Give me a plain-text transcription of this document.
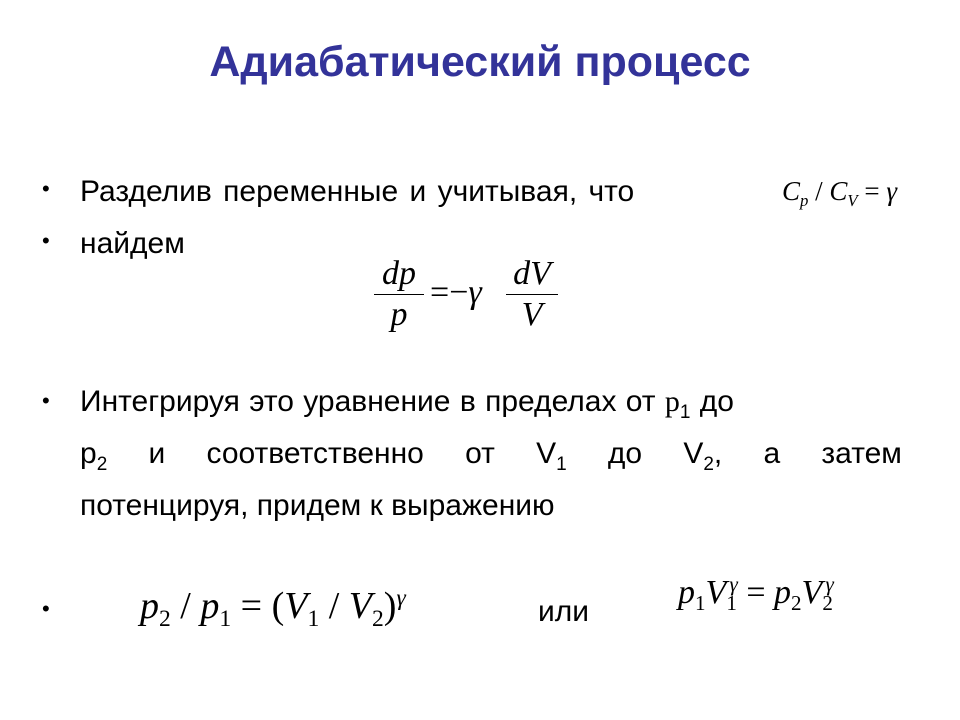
Адиабатический процесс
• Разделив переменные и учитывая, что	$C_p / C_V = \gamma$
• найдем
dp
p
=−γ
dV
V
• Интегрируя это уравнение в пределах от $p_1$ до
$p_2$ и соответственно от $V_1$ до $V_2$, а затем
потенцируя, придем к выражению
• $p_2 / p_1 = (V_1 / V_2)^\gamma$	или
$p_1V_1^\gamma = p_2V_2^\gamma$
